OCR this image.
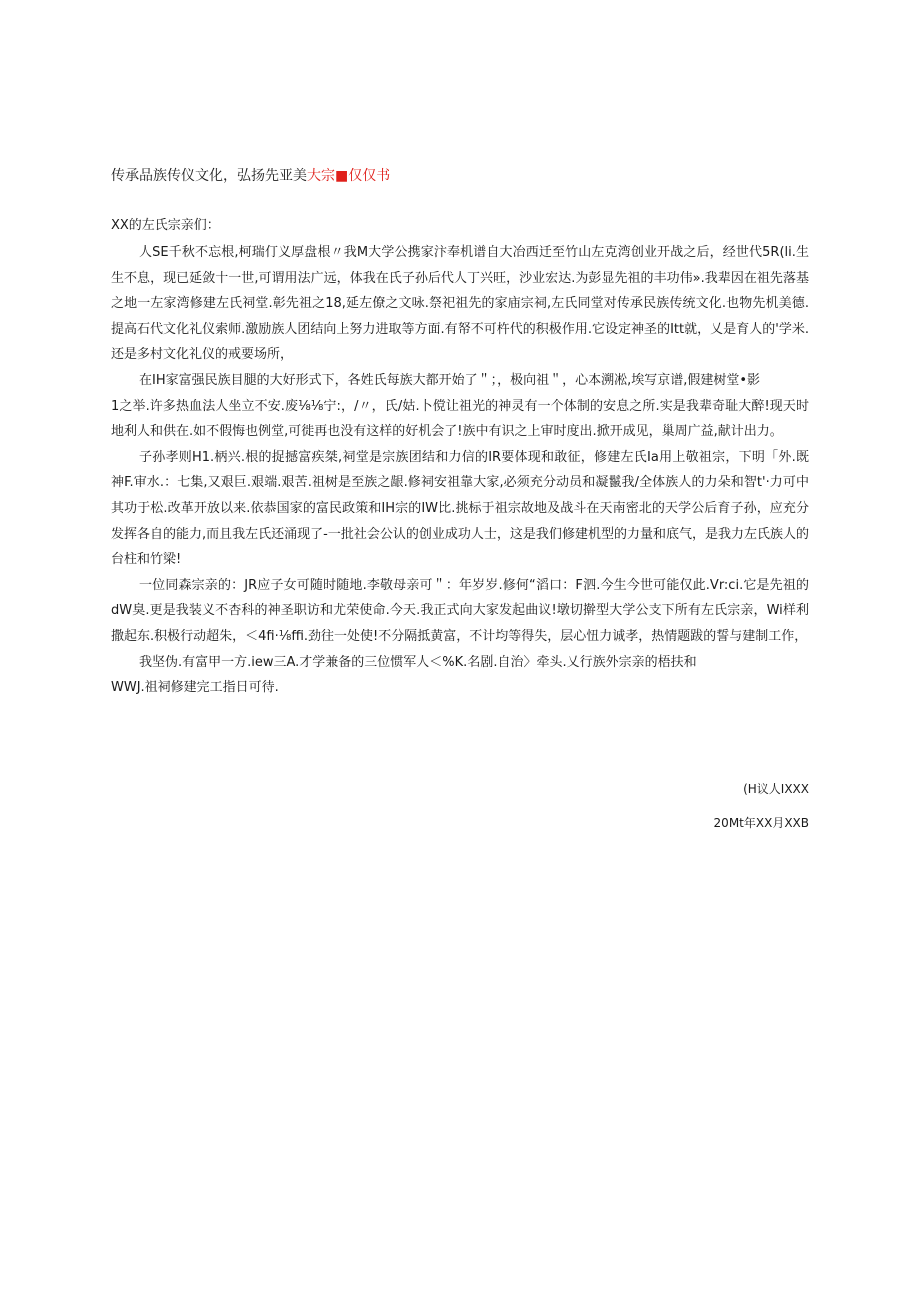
传承品族传仪文化，弘扬先亚美大宗■仅仅书
XX的左氏宗亲们：

人SE千秋不忘根,柯瑞仃义厚盘根〃我M大学公携家汴奉机谱自大冶西迁至竹山左克湾创业开战之后，经世代5R(li.生生不息，现已延敛十一世,可谓用法广远，体我在氏子孙后代人丁兴旺，沙业宏达.为彭显先祖的丰功伟».我辈因在祖先落基之地一左家湾修建左氏祠堂.彰先祖之18,延左僚之文咏.祭祀祖先的家庙宗祠,左氏同堂对传承民族传统文化.也物先机美德.提高石代文化礼仪索师.激励族人团结向上努力进取等方面.有帑不可杵代的积极作用.它设定神圣的Itt就，乂是育人的'学米.还是多村文化礼仪的戒要场所，

在IH家富强民族目腿的大好形式下，各姓氏每族大都开始了＂；，极向祖＂，心本溯凇,埃写京谱,假建树堂•影

1之举.许多热血法人坐立不安.废⅛⅛宁:，/〃，氏/姑.卜傥让祖光的神灵有一个体制的安息之所.实是我辈奇耻大醉!现天时地利人和供在.如不假悔也例堂,可徙再也没有这样的好机会了!族中有识之上审时度出.掀开成见，巢周广益,献计出力。

子孙孝则H1.柄兴.根的捉撼富疾桀,祠堂是宗族团结和力信的IR要体现和敢征，修建左氏Ia用上敬祖宗，下明「外.既神F.审水.：七集,又艰巨.艰端.艰苦.祖树是至族之龈.修祠安祖靠大家,必须充分动员和凝鬣我/全体族人的力朵和智t'·力可中其功于松.改革开放以来.依恭国家的富民政策和IH宗的IW比.挑标于祖宗故地及战斗在天南密北的天学公后育子孙，应充分发挥各自的能力,而且我左氏还涌现了-一批社会公认的创业成功人士，这是我们修建机型的力量和底气，是我力左氏族人的台柱和竹梁!

一位同森宗亲的：JR应子女可随时随地.李敬母亲可＂：年岁岁.修何“滔口：F泗.今生今世可能仅此.Vr:ci.它是先祖的dW臭.更是我装义不杏科的神圣职访和尤荣使命.今天.我正式向大家发起曲议!墩切擀型大学公支下所有左氏宗亲，Wi样利撒起东.积极行动超朱，＜4fi·⅛ffi.劲往一处使!不分隔抵黄富，不计均等得失，层心忸力诚孝，热情题跋的誓与建制工作，

我坚伪.有富甲一方.iew三A.才学兼备的三位惯军人＜%K.名剧.自治〉牵头.乂行族外宗亲的梧扶和

WWJ.祖祠修建完工指日可待.

(H议人IXXX
20Mt年XX月XXB
